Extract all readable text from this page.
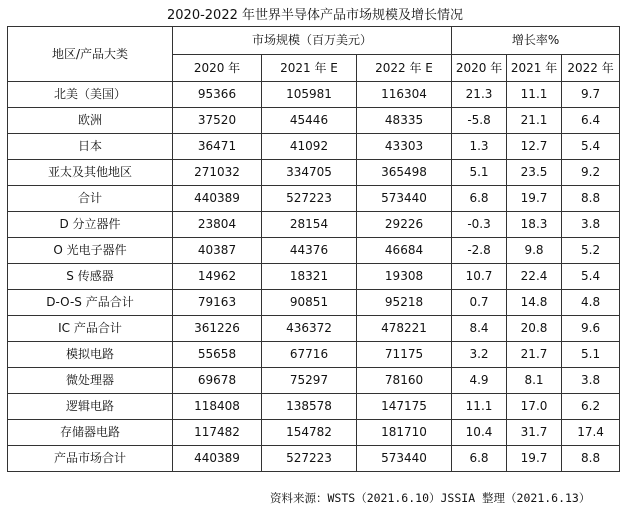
2020-2022 年世界半导体产品市场规模及增长情况
地区/产品大类	市场规模（百万美元）			增长率%		
	2020 年	2021 年 E	2022 年 E	2020 年	2021 年	2022 年
北美（美国）	95366	105981	116304	21.3	11.1	9.7
欧洲	37520	45446	48335	-5.8	21.1	6.4
日本	36471	41092	43303	1.3	12.7	5.4
亚太及其他地区	271032	334705	365498	5.1	23.5	9.2
合计	440389	527223	573440	6.8	19.7	8.8
D 分立器件	23804	28154	29226	-0.3	18.3	3.8
O 光电子器件	40387	44376	46684	-2.8	9.8	5.2
S 传感器	14962	18321	19308	10.7	22.4	5.4
D-O-S 产品合计	79163	90851	95218	0.7	14.8	4.8
IC 产品合计	361226	436372	478221	8.4	20.8	9.6
模拟电路	55658	67716	71175	3.2	21.7	5.1
微处理器	69678	75297	78160	4.9	8.1	3.8
逻辑电路	118408	138578	147175	11.1	17.0	6.2
存储器电路	117482	154782	181710	10.4	31.7	17.4
产品市场合计	440389	527223	573440	6.8	19.7	8.8
资料来源：WSTS（2021.6.10）JSSIA 整理（2021.6.13）
